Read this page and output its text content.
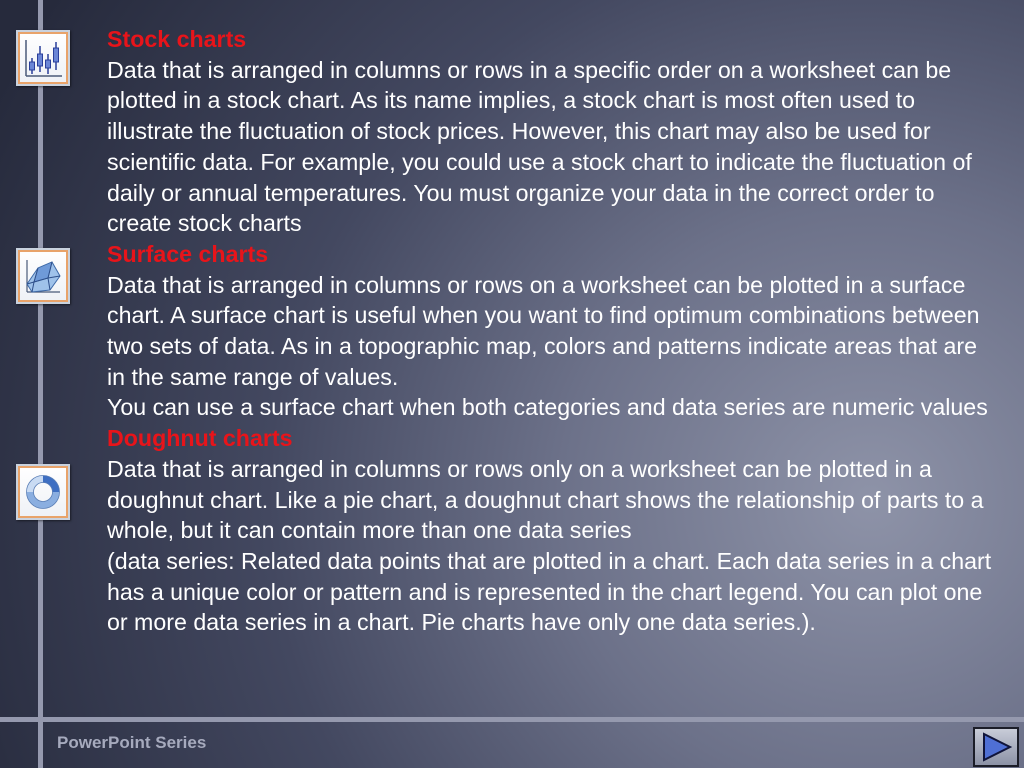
Stock charts

Data that is arranged in columns or rows in a specific order on a worksheet can be plotted in a stock chart. As its name implies, a stock chart is most often used to illustrate the fluctuation of stock prices. However, this chart may also be used for scientific data. For example, you could use a stock chart to indicate the fluctuation of daily or annual temperatures. You must organize your data in the correct order to create stock charts

Surface charts

Data that is arranged in columns or rows on a worksheet can be plotted in a surface chart. A surface chart is useful when you want to find optimum combinations between two sets of data. As in a topographic map, colors and patterns indicate areas that are in the same range of values.

You can use a surface chart when both categories and data series are numeric values

Doughnut charts

Data that is arranged in columns or rows only on a worksheet can be plotted in a doughnut chart. Like a pie chart, a doughnut chart shows the relationship of parts to a whole, but it can contain more than one data series

(data series: Related data points that are plotted in a chart. Each data series in a chart has a unique color or pattern and is represented in the chart legend. You can plot one or more data series in a chart. Pie charts have only one data series.).

PowerPoint Series
